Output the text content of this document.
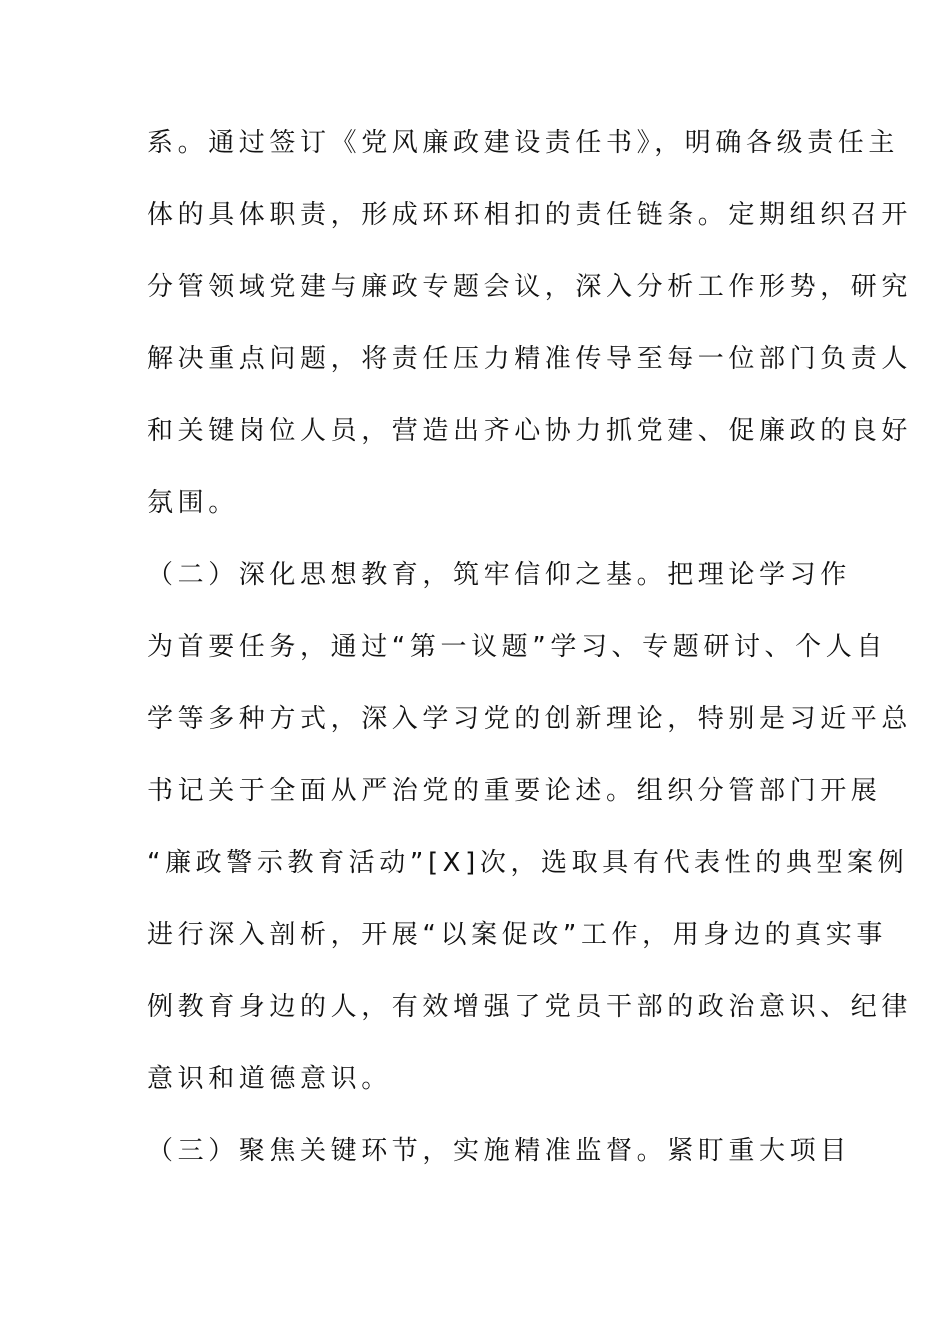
系。通过签订《党风廉政建设责任书》，明确各级责任主
体的具体职责，形成环环相扣的责任链条。定期组织召开
分管领域党建与廉政专题会议，深入分析工作形势，研究
解决重点问题，将责任压力精准传导至每一位部门负责人
和关键岗位人员，营造出齐心协力抓党建、促廉政的良好
氛围。
（二）深化思想教育，筑牢信仰之基。把理论学习作
为首要任务，通过“第一议题”学习、专题研讨、个人自
学等多种方式，深入学习党的创新理论，特别是习近平总
书记关于全面从严治党的重要论述。组织分管部门开展
“廉政警示教育活动”[X]次，选取具有代表性的典型案例
进行深入剖析，开展“以案促改”工作，用身边的真实事
例教育身边的人，有效增强了党员干部的政治意识、纪律
意识和道德意识。
（三）聚焦关键环节，实施精准监督。紧盯重大项目
